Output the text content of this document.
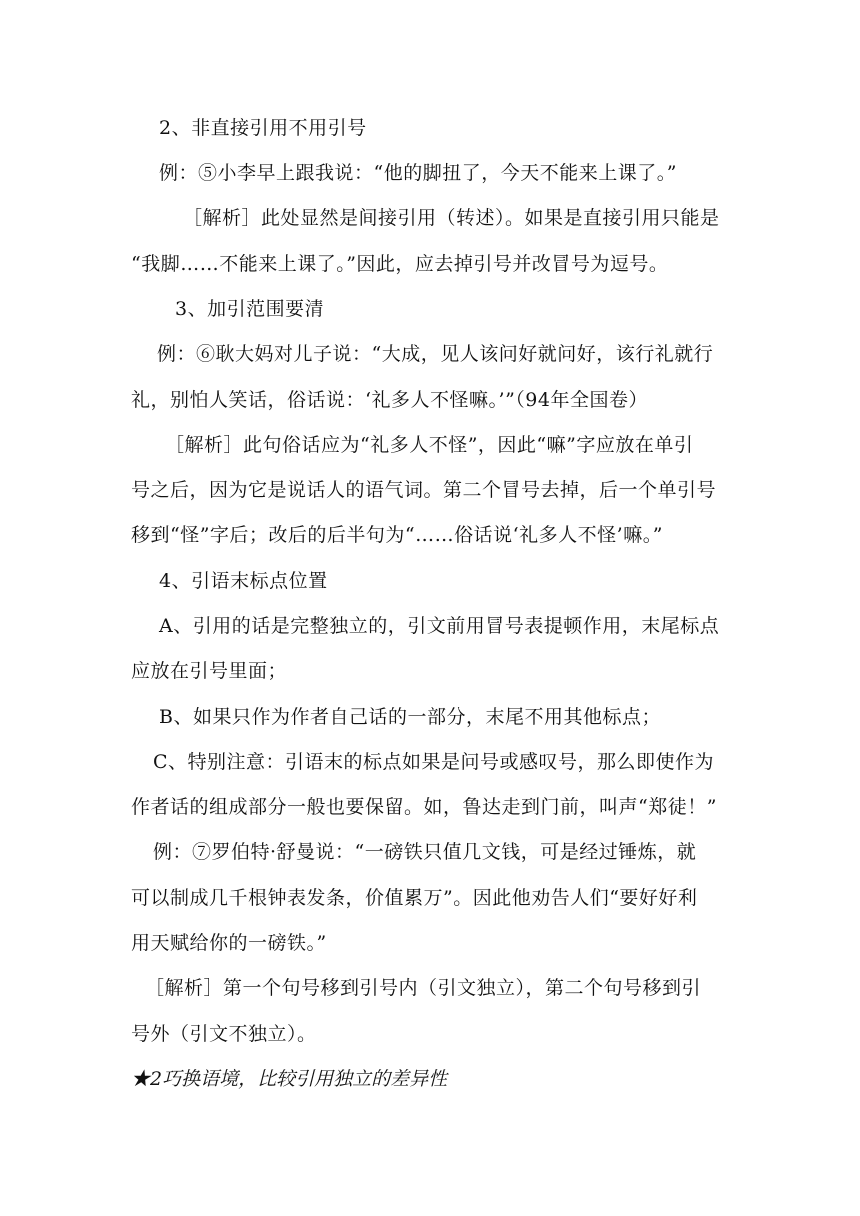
2、非直接引用不用引号
例：⑤小李早上跟我说：“他的脚扭了，今天不能来上课了。”
［解析］此处显然是间接引用（转述）。如果是直接引用只能是
“我脚……不能来上课了。”因此，应去掉引号并改冒号为逗号。
3、加引范围要清
例：⑥耿大妈对儿子说：“大成，见人该问好就问好，该行礼就行
礼，别怕人笑话，俗话说：‘礼多人不怪嘛。’”（94年全国卷）
［解析］此句俗话应为“礼多人不怪”，因此“嘛”字应放在单引
号之后，因为它是说话人的语气词。第二个冒号去掉，后一个单引号
移到“怪”字后；改后的后半句为“……俗话说‘礼多人不怪’嘛。”
4、引语末标点位置
A、引用的话是完整独立的，引文前用冒号表提顿作用，末尾标点
应放在引号里面；
B、如果只作为作者自己话的一部分，末尾不用其他标点；
C、特别注意：引语末的标点如果是问号或感叹号，那么即使作为
作者话的组成部分一般也要保留。如，鲁达走到门前，叫声“郑徒！”
例：⑦罗伯特·舒曼说：“一磅铁只值几文钱，可是经过锤炼，就
可以制成几千根钟表发条，价值累万”。因此他劝告人们“要好好利
用天赋给你的一磅铁。”
［解析］第一个句号移到引号内（引文独立），第二个句号移到引
号外（引文不独立）。
★2巧换语境，比较引用独立的差异性
